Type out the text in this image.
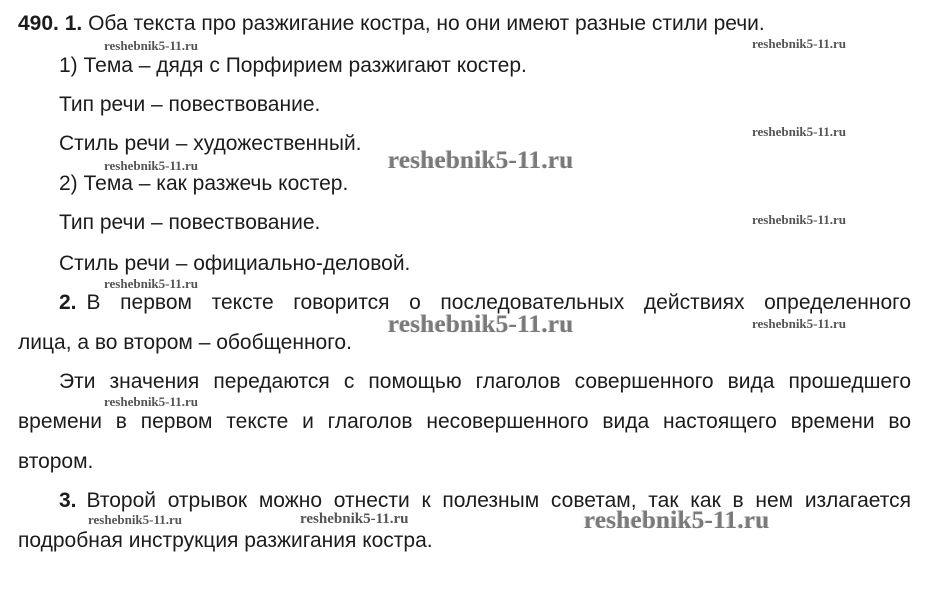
490. 1. Оба текста про разжигание костра, но они имеют разные стили речи.
1) Тема – дядя с Порфирием разжигают костер.
Тип речи – повествование.
Стиль речи – художественный.
2) Тема – как разжечь костер.
Тип речи – повествование.
Стиль речи – официально-деловой.
2. В первом тексте говорится о последовательных действиях определенного
лица, а во втором – обобщенного.
Эти значения передаются с помощью глаголов совершенного вида прошедшего
времени в первом тексте и глаголов несовершенного вида настоящего времени во
втором.
3. Второй отрывок можно отнести к полезным советам, так как в нем излагается
подробная инструкция разжигания костра.
reshebnik5-11.ru	reshebnik5-11.ru
reshebnik5-11.ru
reshebnik5-11.ru	reshebnik5-11.ru
reshebnik5-11.ru
reshebnik5-11.ru
reshebnik5-11.ru	reshebnik5-11.ru
reshebnik5-11.ru
reshebnik5-11.ru	reshebnik5-11.ru	reshebnik5-11.ru
